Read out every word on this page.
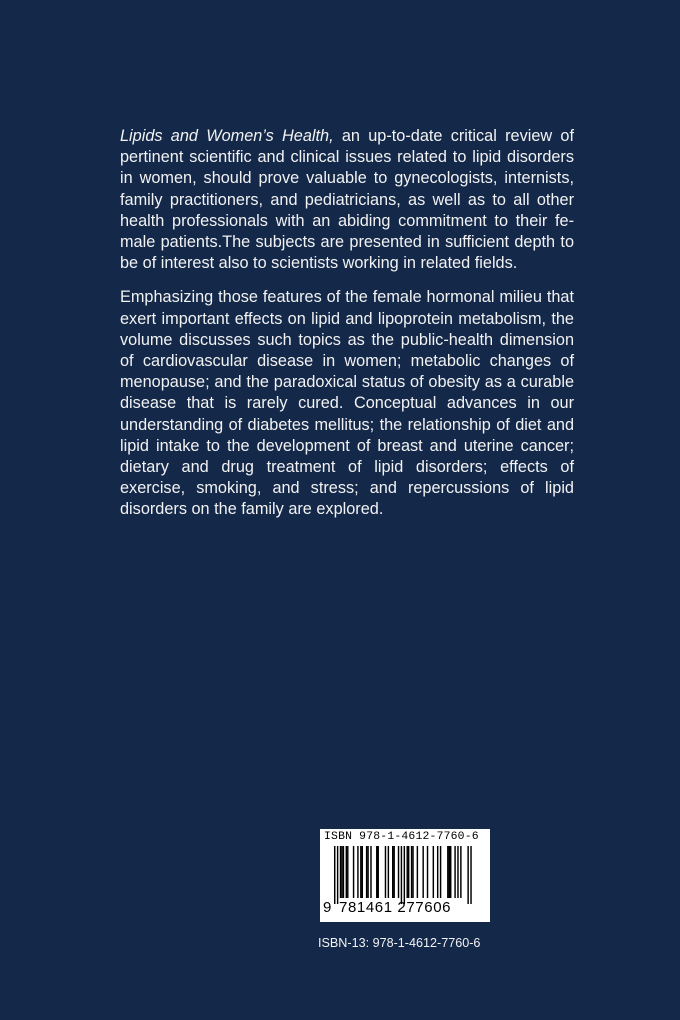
Lipids and Women’s Health, an up-to-date critical review of pertinent scientific and clinical issues related to lipid disorders in women, should prove valuable to gynecologists, internists, family practitioners, and pediatricians, as well as to all other health professionals with an abiding commitment to their female patients.The subjects are presented in sufficient depth to be of interest also to scientists working in related fields.

Emphasizing those features of the female hormonal milieu that exert important effects on lipid and lipoprotein metabolism, the volume discusses such topics as the public-health dimension of cardiovascular disease in women; metabolic changes of menopause; and the paradoxical status of obesity as a curable disease that is rarely cured. Conceptual advances in our understanding of diabetes mellitus; the relationship of diet and lipid intake to the development of breast and uterine cancer; dietary and drug treatment of lipid disorders; effects of exercise, smoking, and stress; and repercussions of lipid disorders on the family are explored.

ISBN 978-1-4612-7760-6
9 781461 277606
ISBN-13: 978-1-4612-7760-6
